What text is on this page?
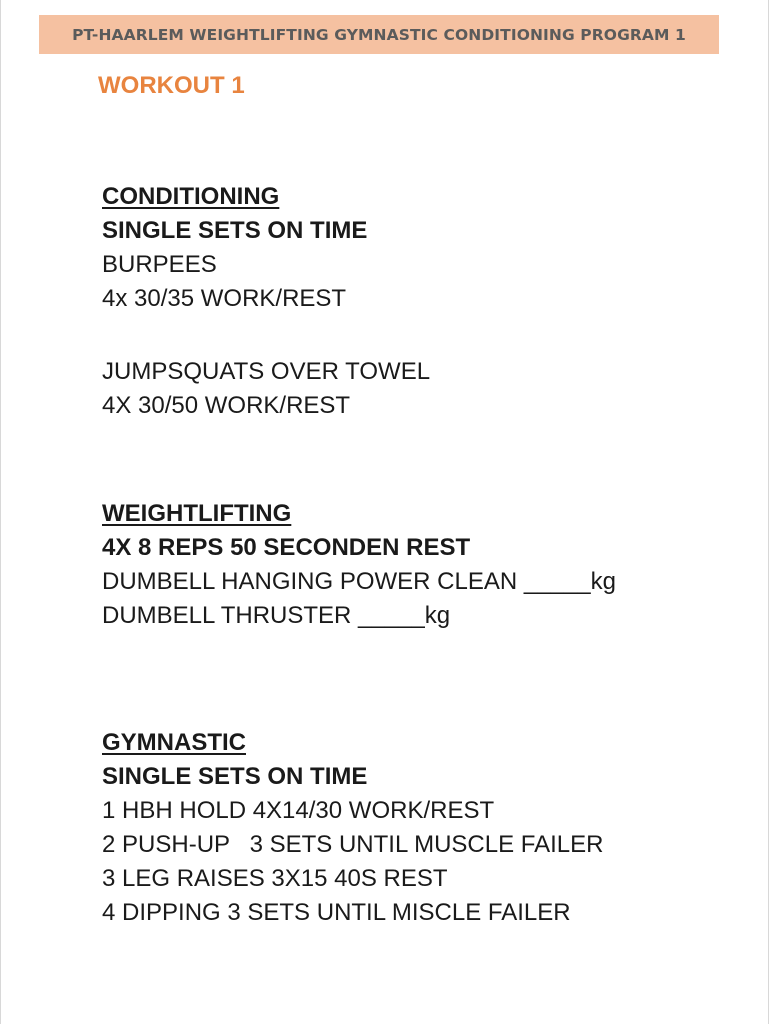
PT-HAARLEM WEIGHTLIFTING GYMNASTIC CONDITIONING PROGRAM 1
WORKOUT 1
CONDITIONING
SINGLE SETS ON TIME
BURPEES
4x 30/35 WORK/REST
JUMPSQUATS OVER TOWEL
4X 30/50 WORK/REST
WEIGHTLIFTING
4X 8 REPS 50 SECONDEN REST
DUMBELL HANGING POWER CLEAN _____kg
DUMBELL THRUSTER _____kg
GYMNASTIC
SINGLE SETS ON TIME
1 HBH HOLD 4X14/30 WORK/REST
2 PUSH-UP   3 SETS UNTIL MUSCLE FAILER
3 LEG RAISES 3X15 40S REST
4 DIPPING 3 SETS UNTIL MISCLE FAILER
